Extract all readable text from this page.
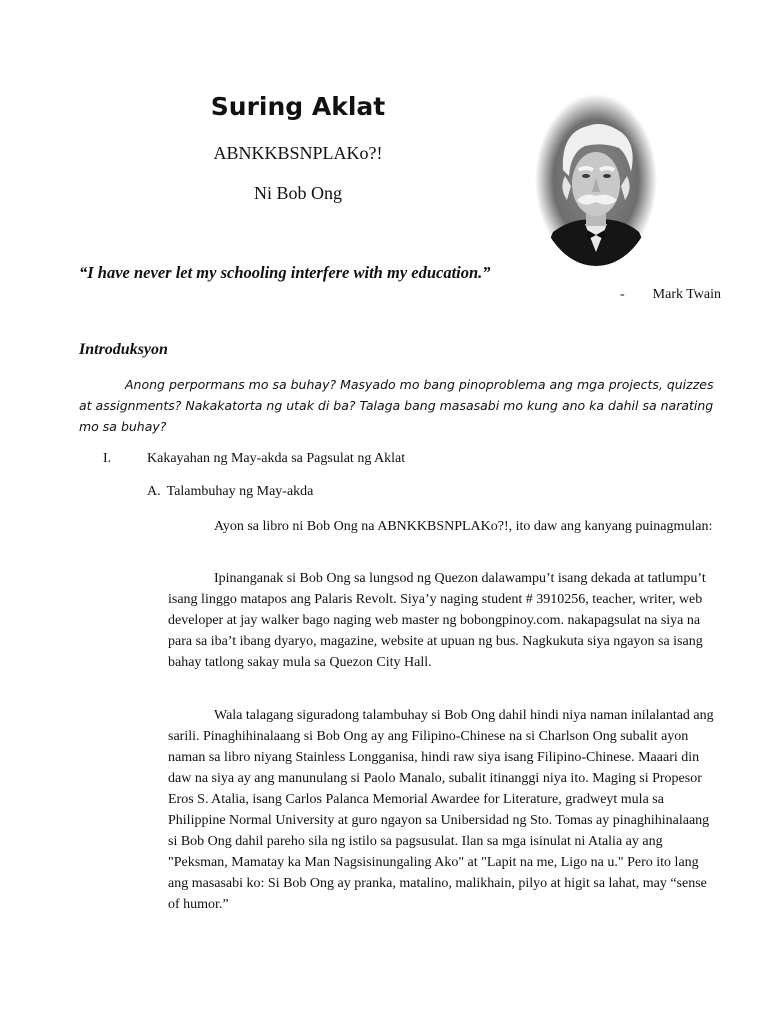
Suring Aklat
ABNKKBSNPLAKo?!
Ni Bob Ong
“I have never let my schooling interfere with my education.”
-        Mark Twain
Introduksyon

Anong perpormans mo sa buhay? Masyado mo bang pinoproblema ang mga projects, quizzes at assignments? Nakakatorta ng utak di ba? Talaga bang masasabi mo kung ano ka dahil sa narating mo sa buhay?

I.	Kakayahan ng May-akda sa Pagsulat ng Aklat
A. Talambuhay ng May-akda

Ayon sa libro ni Bob Ong na ABNKKBSNPLAKo?!, ito daw ang kanyang puinagmulan:

Ipinanganak si Bob Ong sa lungsod ng Quezon dalawampu’t isang dekada at tatlumpu’t isang linggo matapos ang Palaris Revolt. Siya’y naging student # 3910256, teacher, writer, web developer at jay walker bago naging web master ng bobongpinoy.com. nakapagsulat na siya na para sa iba’t ibang dyaryo, magazine, website at upuan ng bus. Nagkukuta siya ngayon sa isang bahay tatlong sakay mula sa Quezon City Hall.

Wala talagang siguradong talambuhay si Bob Ong dahil hindi niya naman inilalantad ang sarili. Pinaghihinalaang si Bob Ong ay ang Filipino-Chinese na si Charlson Ong subalit ayon naman sa libro niyang Stainless Longganisa, hindi raw siya isang Filipino-Chinese. Maaari din daw na siya ay ang manunulang si Paolo Manalo, subalit itinanggi niya ito. Maging si Propesor Eros S. Atalia, isang Carlos Palanca Memorial Awardee for Literature, gradweyt mula sa Philippine Normal University at guro ngayon sa Unibersidad ng Sto. Tomas ay pinaghihinalaang si Bob Ong dahil pareho sila ng istilo sa pagsusulat. Ilan sa mga isinulat ni Atalia ay ang "Peksman, Mamatay ka Man Nagsisinungaling Ako" at "Lapit na me, Ligo na u." Pero ito lang ang masasabi ko: Si Bob Ong ay pranka, matalino, malikhain, pilyo at higit sa lahat, may “sense of humor.”
